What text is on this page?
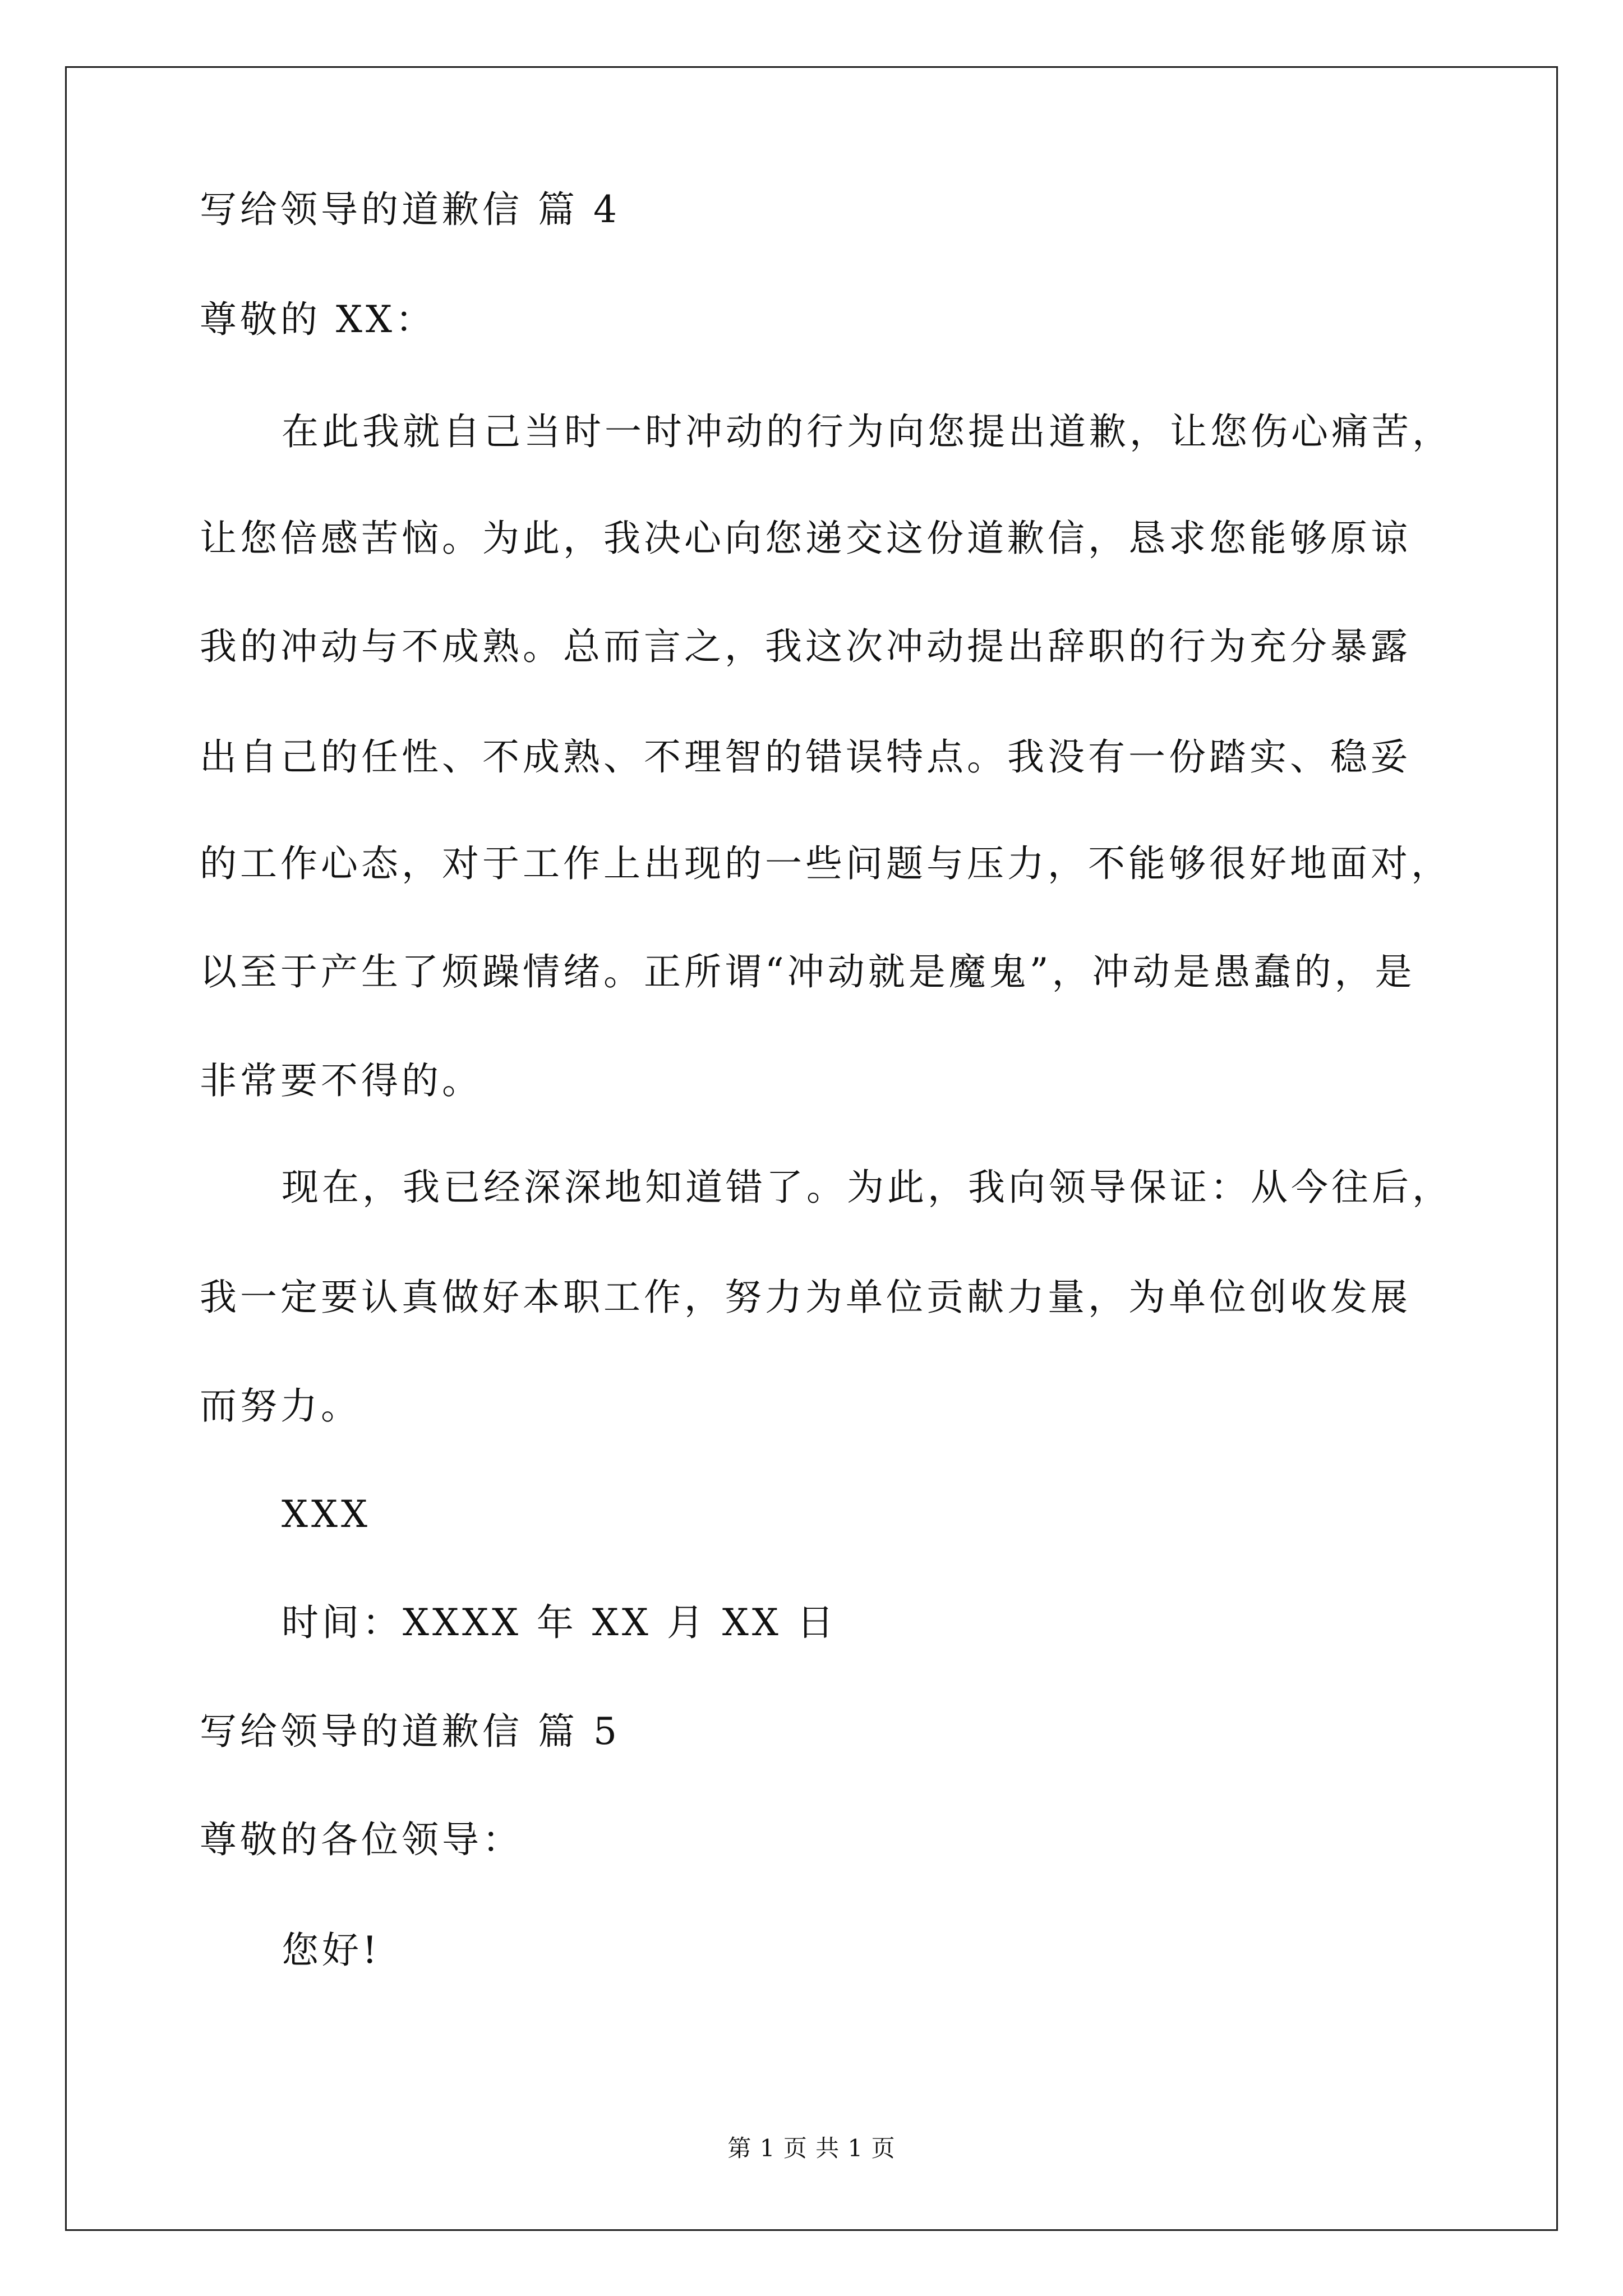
写给领导的道歉信 篇 4
尊敬的 XX：
在此我就自己当时一时冲动的行为向您提出道歉，让您伤心痛苦，
让您倍感苦恼。为此，我决心向您递交这份道歉信，恳求您能够原谅
我的冲动与不成熟。总而言之，我这次冲动提出辞职的行为充分暴露
出自己的任性、不成熟、不理智的错误特点。我没有一份踏实、稳妥
的工作心态，对于工作上出现的一些问题与压力，不能够很好地面对，
以至于产生了烦躁情绪。正所谓“冲动就是魔鬼”，冲动是愚蠢的，是
非常要不得的。
现在，我已经深深地知道错了。为此，我向领导保证：从今往后，
我一定要认真做好本职工作，努力为单位贡献力量，为单位创收发展
而努力。
XXX
时间：XXXX 年 XX 月 XX 日
写给领导的道歉信 篇 5
尊敬的各位领导：
您好!
第 1 页 共 1 页
